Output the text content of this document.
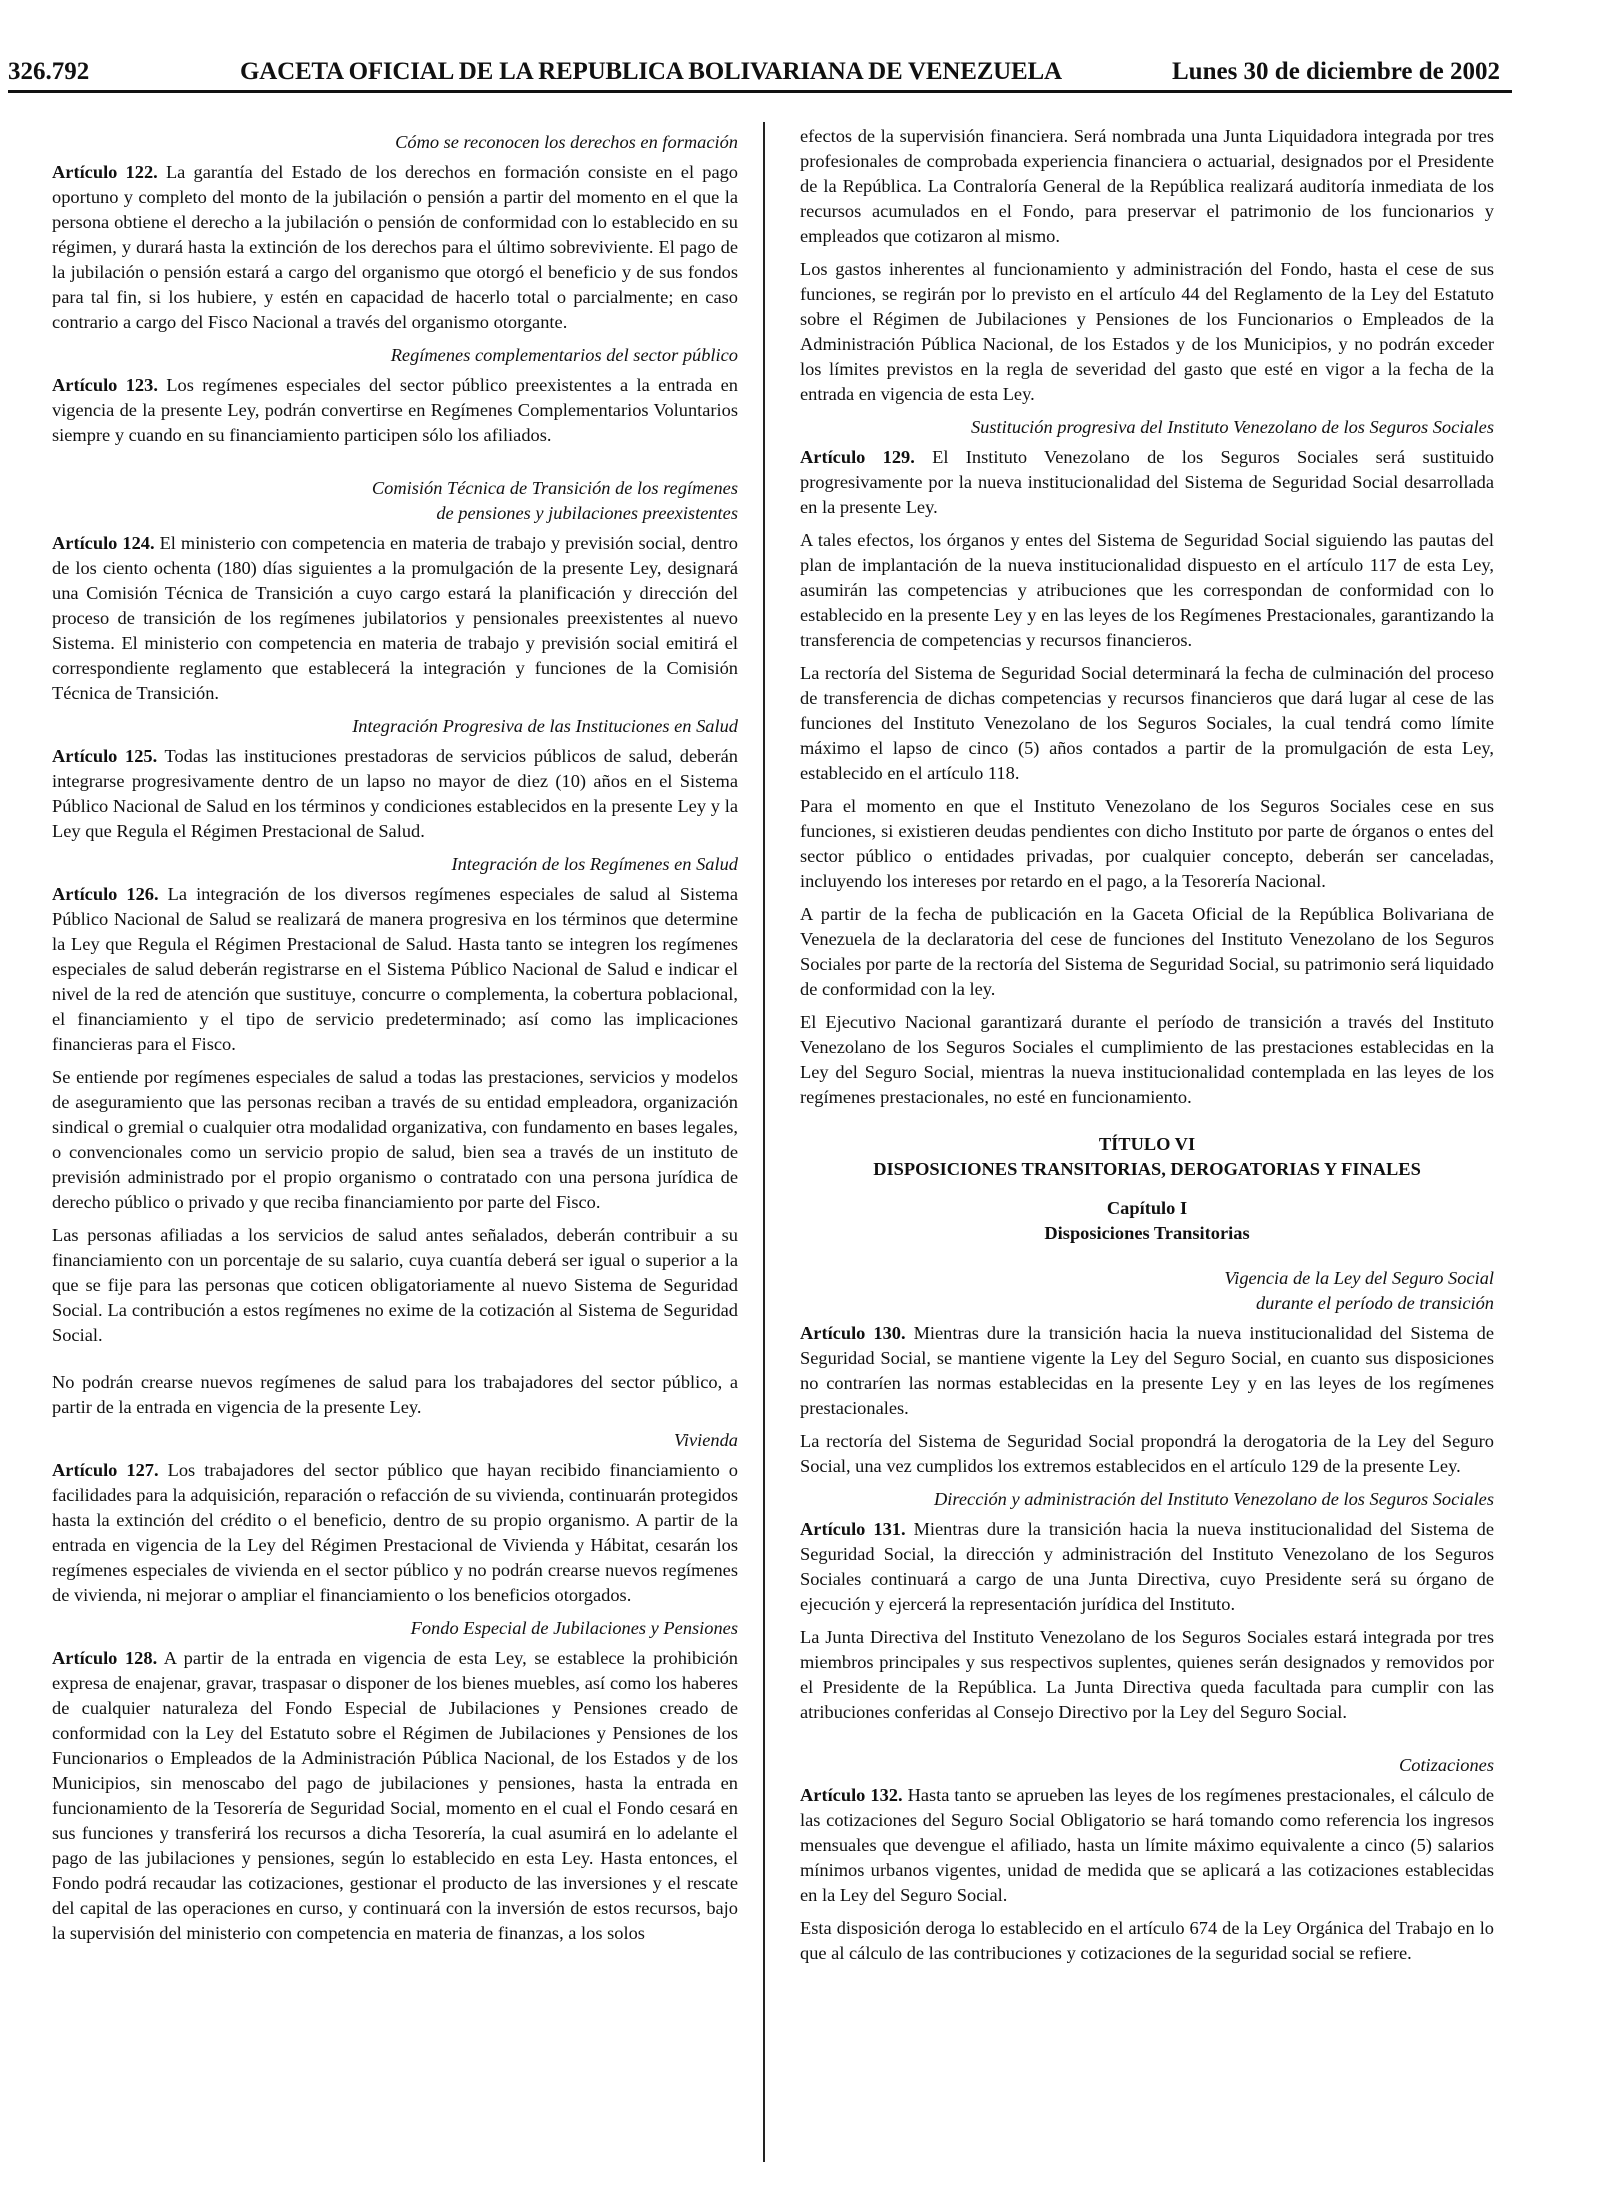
326.792	GACETA OFICIAL DE LA REPUBLICA BOLIVARIANA DE VENEZUELA	Lunes 30 de diciembre de 2002
Cómo se reconocen los derechos en formación

Artículo 122. La garantía del Estado de los derechos en formación consiste en el pago oportuno y completo del monto de la jubilación o pensión a partir del momento en el que la persona obtiene el derecho a la jubilación o pensión de conformidad con lo establecido en su régimen, y durará hasta la extinción de los derechos para el último sobreviviente. El pago de la jubilación o pensión estará a cargo del organismo que otorgó el beneficio y de sus fondos para tal fin, si los hubiere, y estén en capacidad de hacerlo total o parcialmente; en caso contrario a cargo del Fisco Nacional a través del organismo otorgante.

Regímenes complementarios del sector público

Artículo 123. Los regímenes especiales del sector público preexistentes a la entrada en vigencia de la presente Ley, podrán convertirse en Regímenes Complementarios Voluntarios siempre y cuando en su financiamiento participen sólo los afiliados.

Comisión Técnica de Transición de los regímenes
de pensiones y jubilaciones preexistentes

Artículo 124. El ministerio con competencia en materia de trabajo y previsión social, dentro de los ciento ochenta (180) días siguientes a la promulgación de la presente Ley, designará una Comisión Técnica de Transición a cuyo cargo estará la planificación y dirección del proceso de transición de los regímenes jubilatorios y pensionales preexistentes al nuevo Sistema. El ministerio con competencia en materia de trabajo y previsión social emitirá el correspondiente reglamento que establecerá la integración y funciones de la Comisión Técnica de Transición.

Integración Progresiva de las Instituciones en Salud

Artículo 125. Todas las instituciones prestadoras de servicios públicos de salud, deberán integrarse progresivamente dentro de un lapso no mayor de diez (10) años en el Sistema Público Nacional de Salud en los términos y condiciones establecidos en la presente Ley y la Ley que Regula el Régimen Prestacional de Salud.

Integración de los Regímenes en Salud

Artículo 126. La integración de los diversos regímenes especiales de salud al Sistema Público Nacional de Salud se realizará de manera progresiva en los términos que determine la Ley que Regula el Régimen Prestacional de Salud. Hasta tanto se integren los regímenes especiales de salud deberán registrarse en el Sistema Público Nacional de Salud e indicar el nivel de la red de atención que sustituye, concurre o complementa, la cobertura poblacional, el financiamiento y el tipo de servicio predeterminado; así como las implicaciones financieras para el Fisco.

Se entiende por regímenes especiales de salud a todas las prestaciones, servicios y modelos de aseguramiento que las personas reciban a través de su entidad empleadora, organización sindical o gremial o cualquier otra modalidad organizativa, con fundamento en bases legales, o convencionales como un servicio propio de salud, bien sea a través de un instituto de previsión administrado por el propio organismo o contratado con una persona jurídica de derecho público o privado y que reciba financiamiento por parte del Fisco.

Las personas afiliadas a los servicios de salud antes señalados, deberán contribuir a su financiamiento con un porcentaje de su salario, cuya cuantía deberá ser igual o superior a la que se fije para las personas que coticen obligatoriamente al nuevo Sistema de Seguridad Social. La contribución a estos regímenes no exime de la cotización al Sistema de Seguridad Social.

No podrán crearse nuevos regímenes de salud para los trabajadores del sector público, a partir de la entrada en vigencia de la presente Ley.

Vivienda

Artículo 127. Los trabajadores del sector público que hayan recibido financiamiento o facilidades para la adquisición, reparación o refacción de su vivienda, continuarán protegidos hasta la extinción del crédito o el beneficio, dentro de su propio organismo. A partir de la entrada en vigencia de la Ley del Régimen Prestacional de Vivienda y Hábitat, cesarán los regímenes especiales de vivienda en el sector público y no podrán crearse nuevos regímenes de vivienda, ni mejorar o ampliar el financiamiento o los beneficios otorgados.

Fondo Especial de Jubilaciones y Pensiones

Artículo 128. A partir de la entrada en vigencia de esta Ley, se establece la prohibición expresa de enajenar, gravar, traspasar o disponer de los bienes muebles, así como los haberes de cualquier naturaleza del Fondo Especial de Jubilaciones y Pensiones creado de conformidad con la Ley del Estatuto sobre el Régimen de Jubilaciones y Pensiones de los Funcionarios o Empleados de la Administración Pública Nacional, de los Estados y de los Municipios, sin menoscabo del pago de jubilaciones y pensiones, hasta la entrada en funcionamiento de la Tesorería de Seguridad Social, momento en el cual el Fondo cesará en sus funciones y transferirá los recursos a dicha Tesorería, la cual asumirá en lo adelante el pago de las jubilaciones y pensiones, según lo establecido en esta Ley. Hasta entonces, el Fondo podrá recaudar las cotizaciones, gestionar el producto de las inversiones y el rescate del capital de las operaciones en curso, y continuará con la inversión de estos recursos, bajo la supervisión del ministerio con competencia en materia de finanzas, a los solos

efectos de la supervisión financiera. Será nombrada una Junta Liquidadora integrada por tres profesionales de comprobada experiencia financiera o actuarial, designados por el Presidente de la República. La Contraloría General de la República realizará auditoría inmediata de los recursos acumulados en el Fondo, para preservar el patrimonio de los funcionarios y empleados que cotizaron al mismo.

Los gastos inherentes al funcionamiento y administración del Fondo, hasta el cese de sus funciones, se regirán por lo previsto en el artículo 44 del Reglamento de la Ley del Estatuto sobre el Régimen de Jubilaciones y Pensiones de los Funcionarios o Empleados de la Administración Pública Nacional, de los Estados y de los Municipios, y no podrán exceder los límites previstos en la regla de severidad del gasto que esté en vigor a la fecha de la entrada en vigencia de esta Ley.

Sustitución progresiva del Instituto Venezolano de los Seguros Sociales

Artículo 129. El Instituto Venezolano de los Seguros Sociales será sustituido progresivamente por la nueva institucionalidad del Sistema de Seguridad Social desarrollada en la presente Ley.

A tales efectos, los órganos y entes del Sistema de Seguridad Social siguiendo las pautas del plan de implantación de la nueva institucionalidad dispuesto en el artículo 117 de esta Ley, asumirán las competencias y atribuciones que les correspondan de conformidad con lo establecido en la presente Ley y en las leyes de los Regímenes Prestacionales, garantizando la transferencia de competencias y recursos financieros.

La rectoría del Sistema de Seguridad Social determinará la fecha de culminación del proceso de transferencia de dichas competencias y recursos financieros que dará lugar al cese de las funciones del Instituto Venezolano de los Seguros Sociales, la cual tendrá como límite máximo el lapso de cinco (5) años contados a partir de la promulgación de esta Ley, establecido en el artículo 118.

Para el momento en que el Instituto Venezolano de los Seguros Sociales cese en sus funciones, si existieren deudas pendientes con dicho Instituto por parte de órganos o entes del sector público o entidades privadas, por cualquier concepto, deberán ser canceladas, incluyendo los intereses por retardo en el pago, a la Tesorería Nacional.

A partir de la fecha de publicación en la Gaceta Oficial de la República Bolivariana de Venezuela de la declaratoria del cese de funciones del Instituto Venezolano de los Seguros Sociales por parte de la rectoría del Sistema de Seguridad Social, su patrimonio será liquidado de conformidad con la ley.

El Ejecutivo Nacional garantizará durante el período de transición a través del Instituto Venezolano de los Seguros Sociales el cumplimiento de las prestaciones establecidas en la Ley del Seguro Social, mientras la nueva institucionalidad contemplada en las leyes de los regímenes prestacionales, no esté en funcionamiento.

TÍTULO VI

DISPOSICIONES TRANSITORIAS, DEROGATORIAS Y FINALES

Capítulo I

Disposiciones Transitorias

Vigencia de la Ley del Seguro Social
durante el período de transición

Artículo 130. Mientras dure la transición hacia la nueva institucionalidad del Sistema de Seguridad Social, se mantiene vigente la Ley del Seguro Social, en cuanto sus disposiciones no contraríen las normas establecidas en la presente Ley y en las leyes de los regímenes prestacionales.

La rectoría del Sistema de Seguridad Social propondrá la derogatoria de la Ley del Seguro Social, una vez cumplidos los extremos establecidos en el artículo 129 de la presente Ley.

Dirección y administración del Instituto Venezolano de los Seguros Sociales

Artículo 131. Mientras dure la transición hacia la nueva institucionalidad del Sistema de Seguridad Social, la dirección y administración del Instituto Venezolano de los Seguros Sociales continuará a cargo de una Junta Directiva, cuyo Presidente será su órgano de ejecución y ejercerá la representación jurídica del Instituto.

La Junta Directiva del Instituto Venezolano de los Seguros Sociales estará integrada por tres miembros principales y sus respectivos suplentes, quienes serán designados y removidos por el Presidente de la República. La Junta Directiva queda facultada para cumplir con las atribuciones conferidas al Consejo Directivo por la Ley del Seguro Social.

Cotizaciones

Artículo 132. Hasta tanto se aprueben las leyes de los regímenes prestacionales, el cálculo de las cotizaciones del Seguro Social Obligatorio se hará tomando como referencia los ingresos mensuales que devengue el afiliado, hasta un límite máximo equivalente a cinco (5) salarios mínimos urbanos vigentes, unidad de medida que se aplicará a las cotizaciones establecidas en la Ley del Seguro Social.

Esta disposición deroga lo establecido en el artículo 674 de la Ley Orgánica del Trabajo en lo que al cálculo de las contribuciones y cotizaciones de la seguridad social se refiere.
